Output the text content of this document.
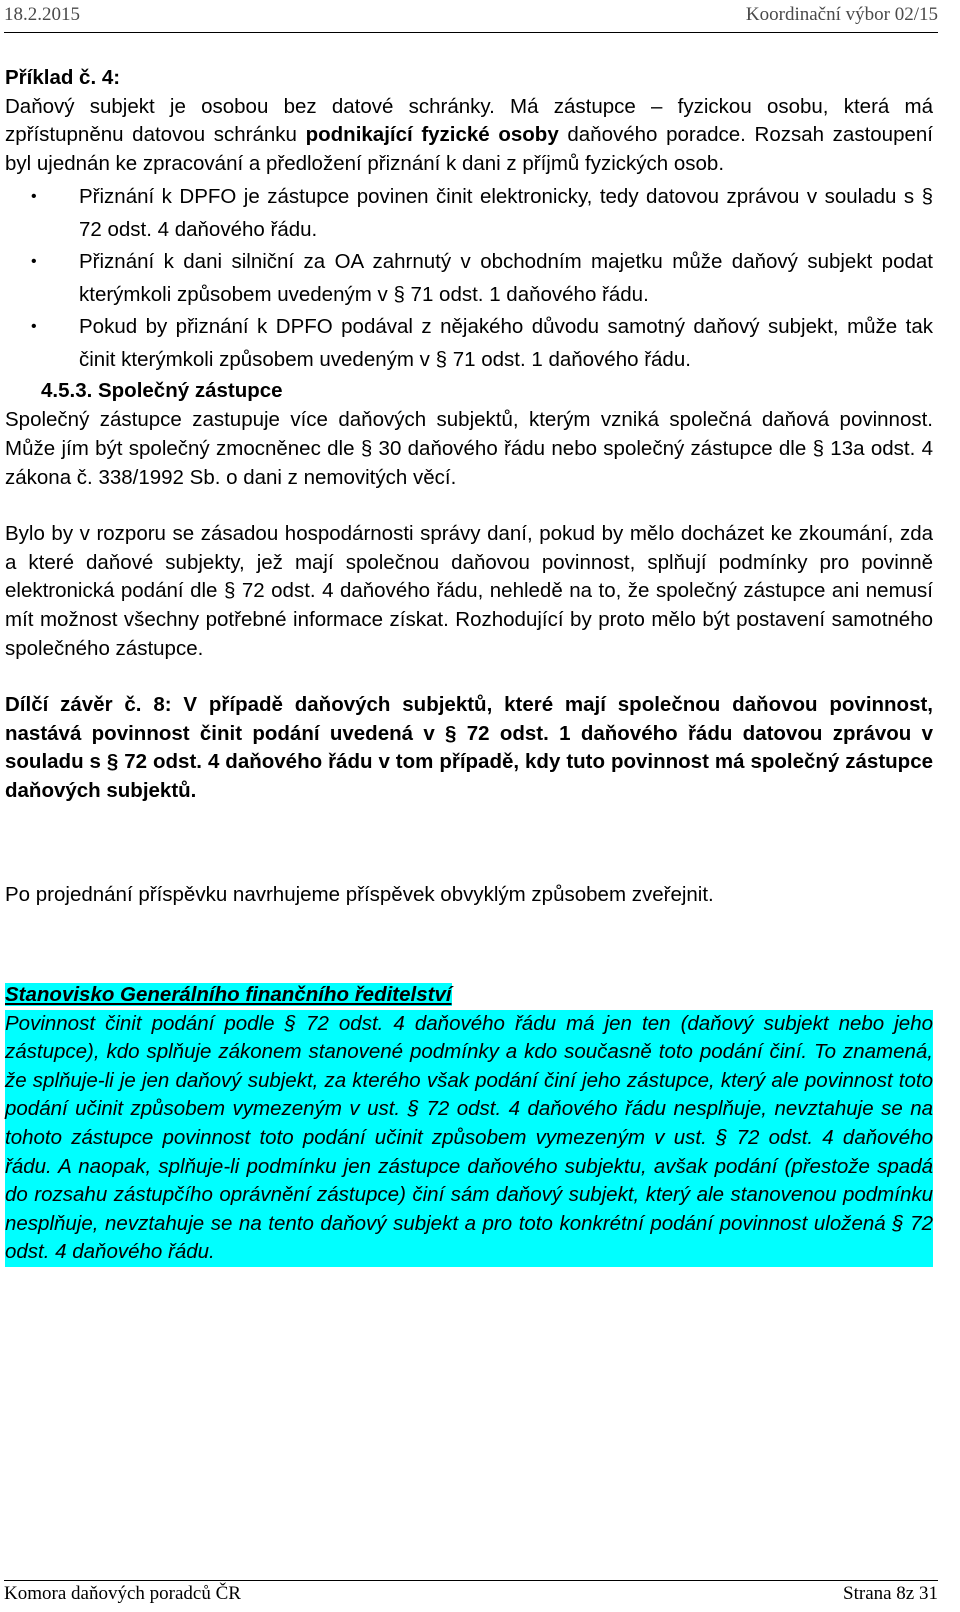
18.2.2015	Koordinační výbor 02/15

Příklad č. 4:

Daňový subjekt je osobou bez datové schránky. Má zástupce – fyzickou osobu, která má zpřístupněnu datovou schránku podnikající fyzické osoby daňového poradce. Rozsah zastoupení byl ujednán ke zpracování a předložení přiznání k dani z příjmů fyzických osob.

• Přiznání k DPFO je zástupce povinen činit elektronicky, tedy datovou zprávou v souladu s § 72 odst. 4 daňového řádu.
• Přiznání k dani silniční za OA zahrnutý v obchodním majetku může daňový subjekt podat kterýmkoli způsobem uvedeným v § 71 odst. 1 daňového řádu.
• Pokud by přiznání k DPFO podával z nějakého důvodu samotný daňový subjekt, může tak činit kterýmkoli způsobem uvedeným v § 71 odst. 1 daňového řádu.

4.5.3. Společný zástupce

Společný zástupce zastupuje více daňových subjektů, kterým vzniká společná daňová povinnost. Může jím být společný zmocněnec dle § 30 daňového řádu nebo společný zástupce dle § 13a odst. 4 zákona č. 338/1992 Sb. o dani z nemovitých věcí.

Bylo by v rozporu se zásadou hospodárnosti správy daní, pokud by mělo docházet ke zkoumání, zda a které daňové subjekty, jež mají společnou daňovou povinnost, splňují podmínky pro povinně elektronická podání dle § 72 odst. 4 daňového řádu, nehledě na to, že společný zástupce ani nemusí mít možnost všechny potřebné informace získat. Rozhodující by proto mělo být postavení samotného společného zástupce.

Dílčí závěr č. 8: V případě daňových subjektů, které mají společnou daňovou povinnost, nastává povinnost činit podání uvedená v § 72 odst. 1 daňového řádu datovou zprávou v souladu s § 72 odst. 4 daňového řádu v tom případě, kdy tuto povinnost má společný zástupce daňových subjektů.

Po projednání příspěvku navrhujeme příspěvek obvyklým způsobem zveřejnit.

Stanovisko Generálního finančního ředitelství

Povinnost činit podání podle § 72 odst. 4 daňového řádu má jen ten (daňový subjekt nebo jeho zástupce), kdo splňuje zákonem stanovené podmínky a kdo současně toto podání činí. To znamená, že splňuje-li je jen daňový subjekt, za kterého však podání činí jeho zástupce, který ale povinnost toto podání učinit způsobem vymezeným v ust. § 72 odst. 4 daňového řádu nesplňuje, nevztahuje se na tohoto zástupce povinnost toto podání učinit způsobem vymezeným v ust. § 72 odst. 4 daňového řádu. A naopak, splňuje-li podmínku jen zástupce daňového subjektu, avšak podání (přestože spadá do rozsahu zástupčího oprávnění zástupce) činí sám daňový subjekt, který ale stanovenou podmínku nesplňuje, nevztahuje se na tento daňový subjekt a pro toto konkrétní podání povinnost uložená § 72 odst. 4 daňového řádu.

Komora daňových poradců ČR	Strana 8z 31
